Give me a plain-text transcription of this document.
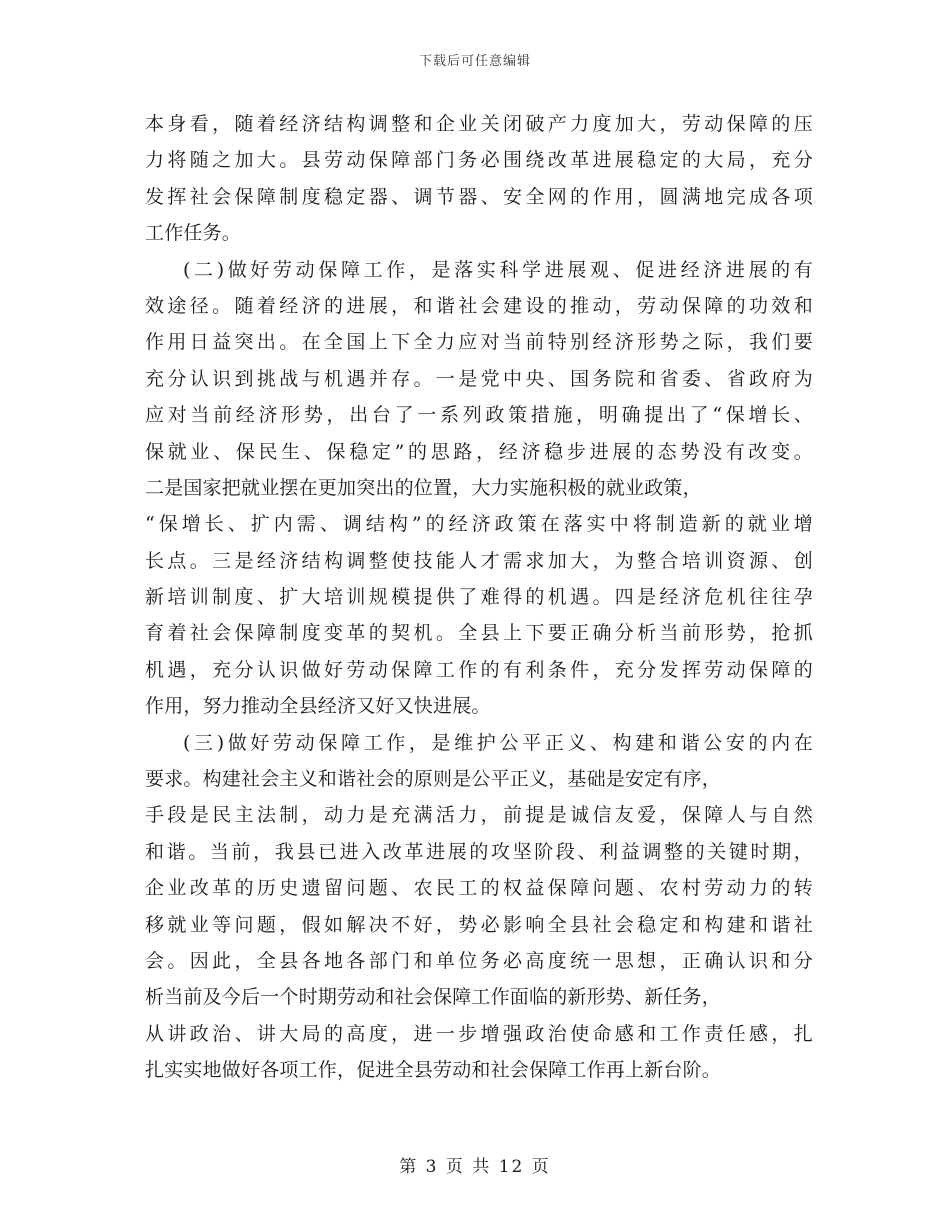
下载后可任意编辑
本身看，随着经济结构调整和企业关闭破产力度加大，劳动保障的压
力将随之加大。县劳动保障部门务必围绕改革进展稳定的大局，充分
发挥社会保障制度稳定器、调节器、安全网的作用，圆满地完成各项
工作任务。
(二)做好劳动保障工作，是落实科学进展观、促进经济进展的有
效途径。随着经济的进展，和谐社会建设的推动，劳动保障的功效和
作用日益突出。在全国上下全力应对当前特别经济形势之际，我们要
充分认识到挑战与机遇并存。一是党中央、国务院和省委、省政府为
应对当前经济形势，出台了一系列政策措施，明确提出了“保增长、
保就业、保民生、保稳定”的思路，经济稳步进展的态势没有改变。
二是国家把就业摆在更加突出的位置，大力实施积极的就业政策，
“保增长、扩内需、调结构”的经济政策在落实中将制造新的就业增
长点。三是经济结构调整使技能人才需求加大，为整合培训资源、创
新培训制度、扩大培训规模提供了难得的机遇。四是经济危机往往孕
育着社会保障制度变革的契机。全县上下要正确分析当前形势，抢抓
机遇，充分认识做好劳动保障工作的有利条件，充分发挥劳动保障的
作用，努力推动全县经济又好又快进展。
(三)做好劳动保障工作，是维护公平正义、构建和谐公安的内在
要求。构建社会主义和谐社会的原则是公平正义，基础是安定有序，
手段是民主法制，动力是充满活力，前提是诚信友爱，保障人与自然
和谐。当前，我县已进入改革进展的攻坚阶段、利益调整的关键时期，
企业改革的历史遗留问题、农民工的权益保障问题、农村劳动力的转
移就业等问题，假如解决不好，势必影响全县社会稳定和构建和谐社
会。因此，全县各地各部门和单位务必高度统一思想，正确认识和分
析当前及今后一个时期劳动和社会保障工作面临的新形势、新任务，
从讲政治、讲大局的高度，进一步增强政治使命感和工作责任感，扎
扎实实地做好各项工作，促进全县劳动和社会保障工作再上新台阶。
第 3 页 共 12 页
